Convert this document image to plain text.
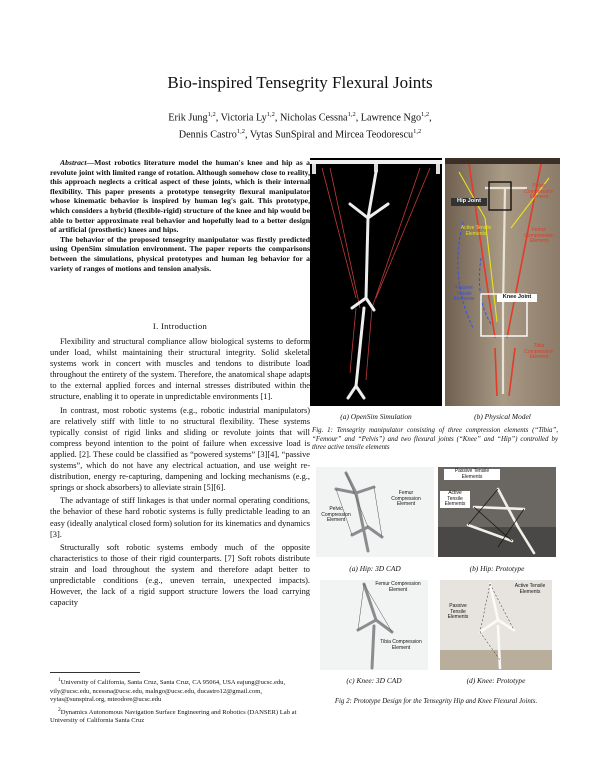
Bio-inspired Tensegrity Flexural Joints
Erik Jung$^{1,2}$, Victoria Ly$^{1,2}$, Nicholas Cessna$^{1,2}$, Lawrence Ngo$^{1,2}$,
Dennis Castro$^{1,2}$, Vytas SunSpiral and Mircea Teodorescu$^{1,2}$

Abstract—Most robotics literature model the human's knee and hip as a revolute joint with limited range of rotation. Although somehow close to reality, this approach neglects a critical aspect of these joints, which is their internal flexibility. This paper presents a prototype tensegrity flexural manipulator whose kinematic behavior is inspired by human leg's gait. This prototype, which considers a hybrid (flexible-rigid) structure of the knee and hip would be able to better approximate real behavior and hopefully lead to a better design of artificial (prosthetic) knees and hips.

The behavior of the proposed tensegrity manipulator was firstly predicted using OpenSim simulation environment. The paper reports the comparisons between the simulations, physical prototypes and human leg behavior for a variety of ranges of motions and tension analysis.

I. Introduction

Flexibility and structural compliance allow biological systems to deform under load, whilst maintaining their structural integrity. Solid skeletal systems work in concert with muscles and tendons to distribute load throughout the entirety of the system. Therefore, the anatomical shape adapts to the external applied forces and internal stresses distributed within the structure, enabling it to operate in unpredictable environments [1].

In contrast, most robotic systems (e.g., robotic industrial manipulators) are relatively stiff with little to no structural flexibility. These systems typically consist of rigid links and sliding or revolute joints that will compress beyond intention to the point of failure when excessive load is applied. [2]. These could be classified as “powered systems” [3][4], “passive systems”, which do not have any electrical actuation, and use weight re-distribution, energy re-capturing, dampening and locking mechanisms (e.g., springs or shock absorbers) to alleviate strain [5][6].

The advantage of stiff linkages is that under normal operating conditions, the behavior of these hard robotic systems is fully predictable leading to an easy (ideally analytical closed form) solution for its kinematics and dynamics [3].

Structurally soft robotic systems embody much of the opposite characteristics to those of their rigid counterparts. [7] Soft robots distribute strain and load throughout the system and therefore adapt better to unpredictable conditions (e.g., uneven terrain, unexpected impacts). However, the lack of a rigid support structure lowers the load carrying capacity

$^1$University of California, Santa Cruz, Santa Cruz, CA 95064, USA eajung@ucsc.edu, vily@ucsc.edu, ncessna@ucsc.edu, malngo@ucsc.edu, ducastro12@gmail.com, vytas@sunspiral.org, mteodore@ucsc.edu

$^2$Dynamics Autonomous Navigation Surface Engineering and Robotics (DANSER) Lab at University of California Santa Cruz

Hip Joint
Pelvic Compression Element
Femur Compression Element
Active Tensile Elements
Passive Tensile Elements	Knee Joint
Tibia Compression Element
(a) OpenSim Simulation	(b) Physical Model
Fig. 1: Tensegrity manipulator consisting of three compression elements (“Tibia”, “Femour” and “Pelvis”) and two flexural joints (“Knee” and “Hip”) controlled by three active tensile elements
Femur Compression Element
Pelvic Compression Element
Passive Tensile Elements
Active Tensile Elements
(a) Hip: 3D CAD	(b) Hip: Prototype
Femur Compression Element
Tibia Compression Element
Active Tensile Elements
Passive Tensile Elements
(c) Knee: 3D CAD	(d) Knee: Prototype
Fig 2: Prototype Design for the Tensegrity Hip and Knee Flexural Joints.
